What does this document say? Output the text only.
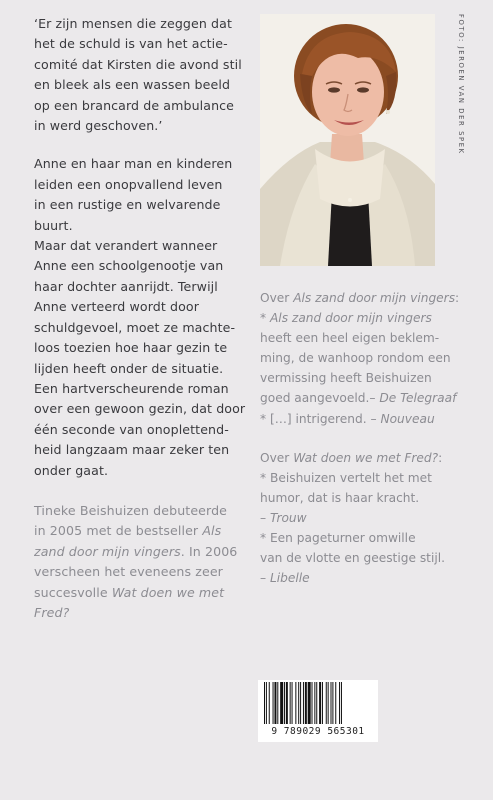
‘Er zijn mensen die zeggen dat
het de schuld is van het actie-
comité dat Kirsten die avond stil
en bleek als een wassen beeld
op een brancard de ambulance
in werd geschoven.’
Anne en haar man en kinderen
leiden een onopvallend leven
in een rustige en welvarende
buurt.
Maar dat verandert wanneer
Anne een schoolgenootje van
haar dochter aanrijdt. Terwijl
Anne verteerd wordt door
schuldgevoel, moet ze machte-
loos toezien hoe haar gezin te
lijden heeft onder de situatie.
Een hartverscheurende roman
over een gewoon gezin, dat door
één seconde van onoplettend-
heid langzaam maar zeker ten
onder gaat.
Tineke Beishuizen debuteerde
in 2005 met de bestseller Als
zand door mijn vingers. In 2006
verscheen het eveneens zeer
succesvolle Wat doen we met
Fred?
FOTO: JEROEN VAN DER SPEK
Over Als zand door mijn vingers:
* Als zand door mijn vingers
heeft een heel eigen beklem-
ming, de wanhoop rondom een
vermissing heeft Beishuizen
goed aangevoeld.– De Telegraaf
* […] intrigerend. – Nouveau
Over Wat doen we met Fred?:
* Beishuizen vertelt het met
humor, dat is haar kracht.
– Trouw
* Een pageturner omwille
van de vlotte en geestige stijl.
– Libelle
9 789029 565301
